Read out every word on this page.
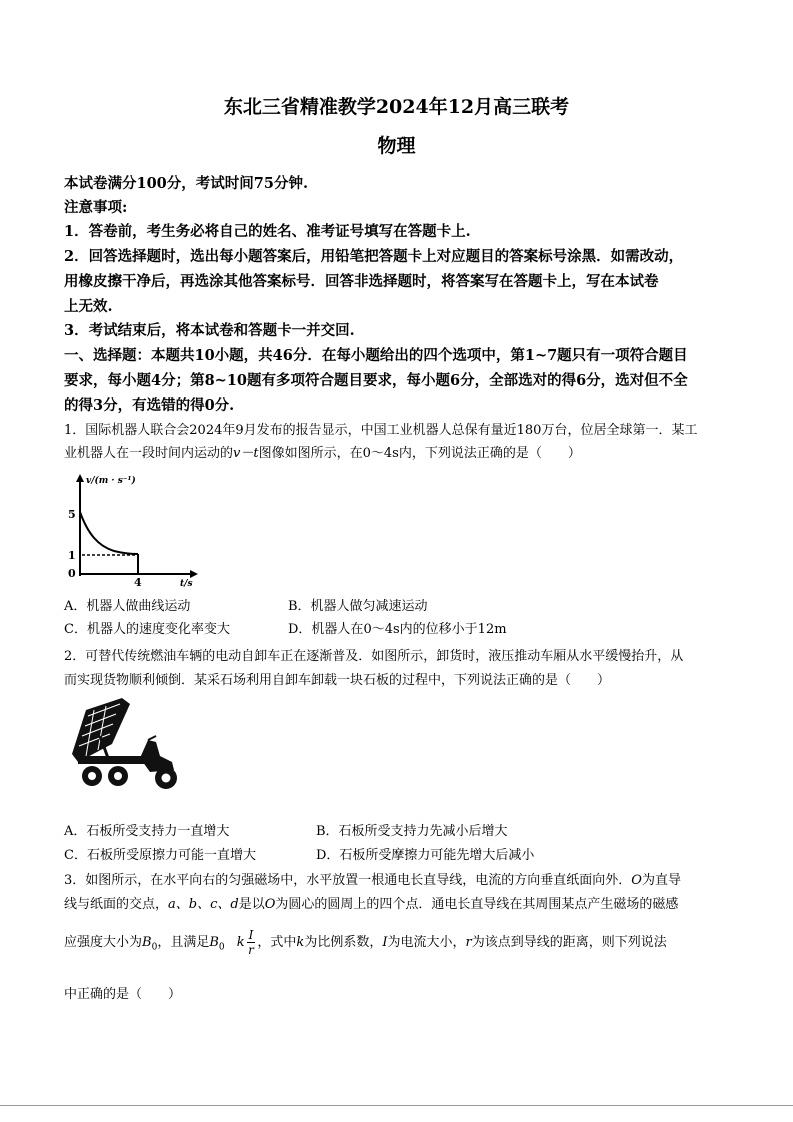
东北三省精准教学2024年12月高三联考
物理
本试卷满分100分，考试时间75分钟.
注意事项:
1．答卷前，考生务必将自己的姓名、准考证号填写在答题卡上.
2．回答选择题时，选出每小题答案后，用铅笔把答题卡上对应题目的答案标号涂黑．如需改动，
用橡皮擦干净后，再选涂其他答案标号．回答非选择题时，将答案写在答题卡上，写在本试卷
上无效.
3．考试结束后，将本试卷和答题卡一并交回.
一、选择题：本题共10小题，共46分．在每小题给出的四个选项中，第1~7题只有一项符合题目
要求，每小题4分；第8~10题有多项符合题目要求，每小题6分，全部选对的得6分，选对但不全
的得3分，有选错的得0分.
1．国际机器人联合会2024年9月发布的报告显示，中国工业机器人总保有量近180万台，位居全球第一．某工
业机器人在一段时间内运动的v－t图像如图所示，在0～4s内，下列说法正确的是（　　）
v/(m · s⁻¹)
t/s
5
1
0
4
A．机器人做曲线运动	B．机器人做匀减速运动
C．机器人的速度变化率变大	D．机器人在0～4s内的位移小于12m
2．可替代传统燃油车辆的电动自卸车正在逐渐普及．如图所示，卸货时，液压推动车厢从水平缓慢抬升，从
而实现货物顺利倾倒．某采石场利用自卸车卸载一块石板的过程中，下列说法正确的是（　　）
A．石板所受支持力一直增大	B．石板所受支持力先减小后增大
C．石板所受原擦力可能一直增大	D．石板所受摩擦力可能先增大后减小
3．如图所示，在水平向右的匀强磁场中，水平放置一根通电长直导线，电流的方向垂直纸面向外．O为直导
线与纸面的交点，a、b、c、d是以O为圆心的圆周上的四个点．通电长直导线在其周围某点产生磁场的磁感
应强度大小为$B_0$，且满足$B_0$ k $\frac{I}{r}$ ，式中k为比例系数，I为电流大小，r为该点到导线的距离，则下列说法
中正确的是（　　）
